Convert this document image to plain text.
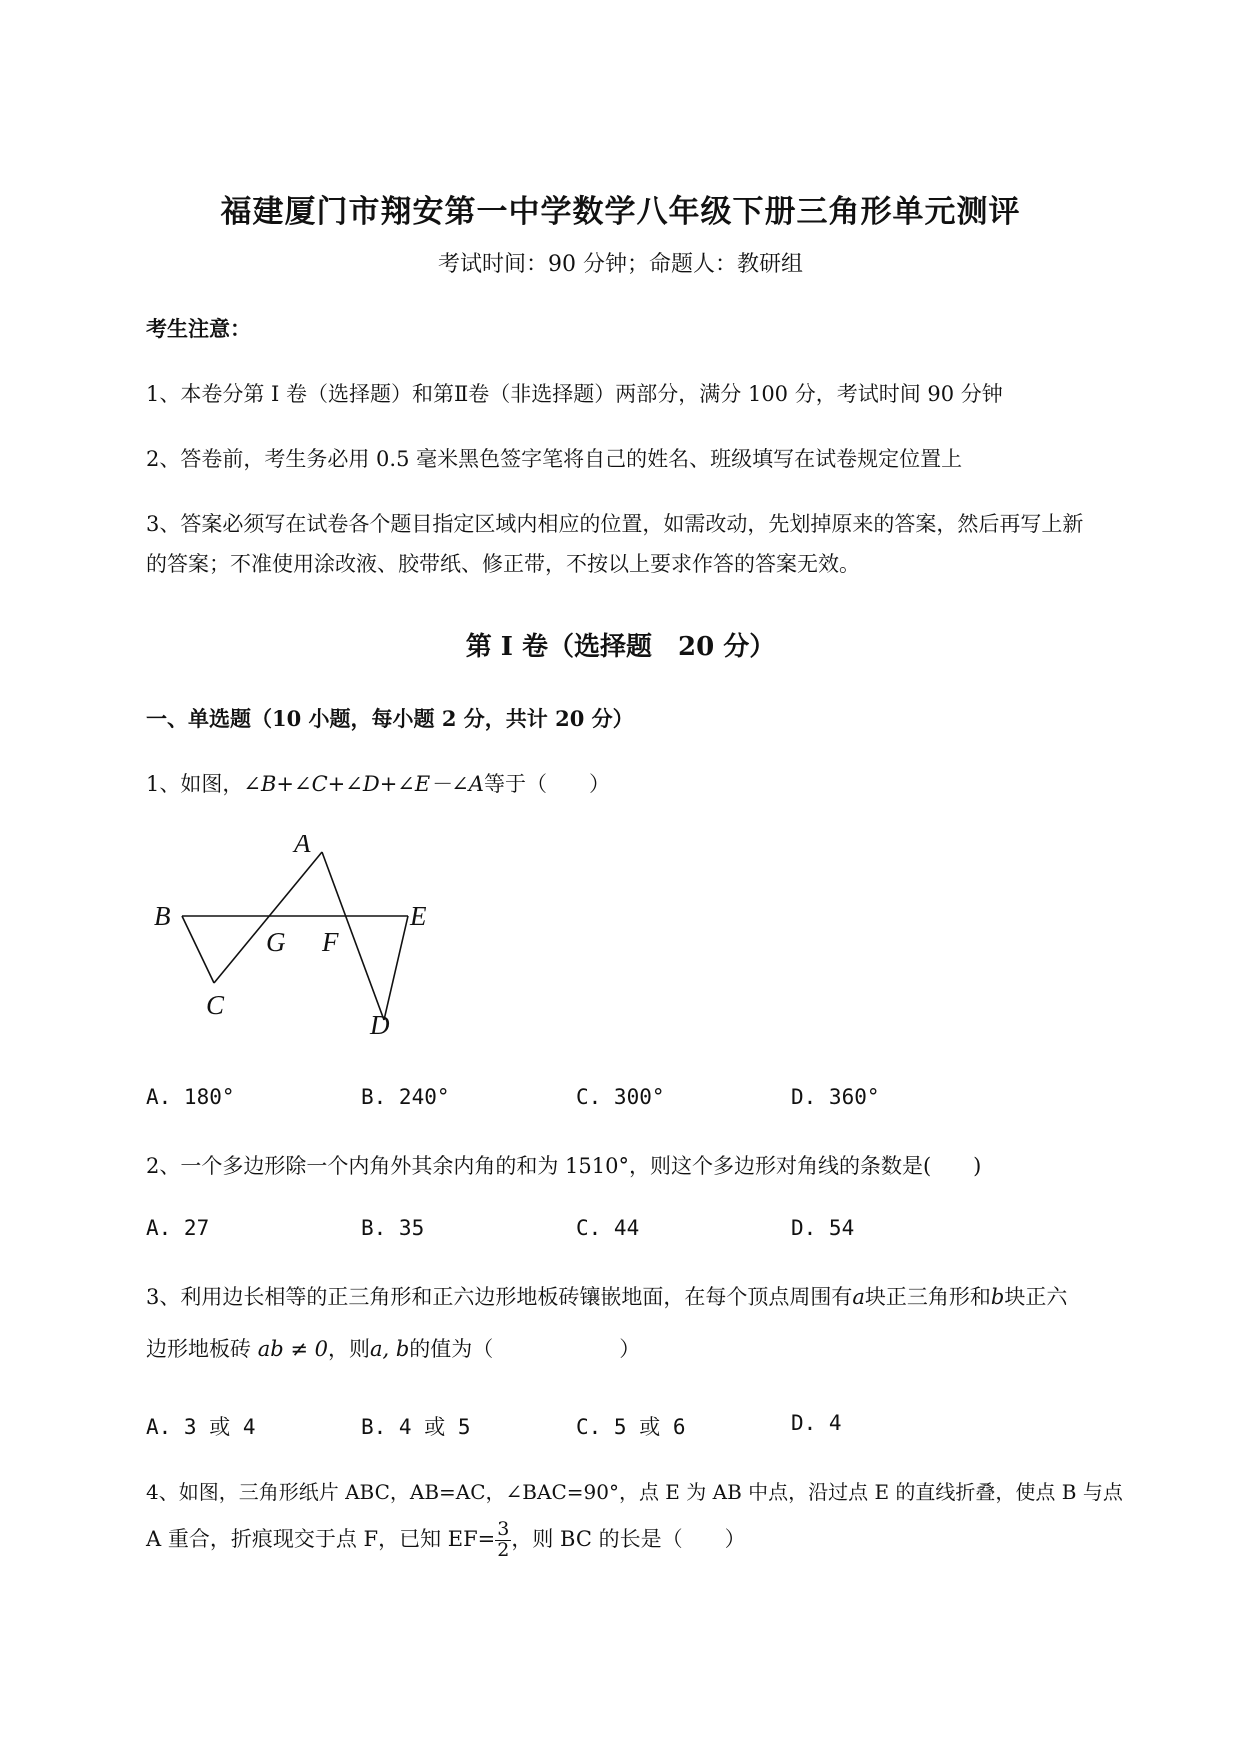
福建厦门市翔安第一中学数学八年级下册三角形单元测评
考试时间：90 分钟；命题人：教研组
考生注意：
1、本卷分第 I 卷（选择题）和第Ⅱ卷（非选择题）两部分，满分 100 分，考试时间 90 分钟
2、答卷前，考生务必用 0.5 毫米黑色签字笔将自己的姓名、班级填写在试卷规定位置上
3、答案必须写在试卷各个题目指定区域内相应的位置，如需改动，先划掉原来的答案，然后再写上新
的答案；不准使用涂改液、胶带纸、修正带，不按以上要求作答的答案无效。
第 I 卷（选择题　20 分）
一、单选题（10 小题，每小题 2 分，共计 20 分）
1、如图，∠B+∠C+∠D+∠E－∠A等于（　　）
A
B
C
D
E
F
G
A. 180°	B. 240°	C. 300°	D. 360°
2、一个多边形除一个内角外其余内角的和为 1510°，则这个多边形对角线的条数是(　　)
A. 27	B. 35	C. 44	D. 54
3、利用边长相等的正三角形和正六边形地板砖镶嵌地面，在每个顶点周围有a块正三角形和b块正六
边形地板砖 ab ≠ 0，则a, b的值为（　　　　　　）
A. 3 或 4	B. 4 或 5	C. 5 或 6	D. 4
4、如图，三角形纸片 ABC，AB=AC，∠BAC=90°，点 E 为 AB 中点，沿过点 E 的直线折叠，使点 B 与点
A 重合，折痕现交于点 F，已知 $EF= \frac{3}{2}$ ，则 BC 的长是（　　）
